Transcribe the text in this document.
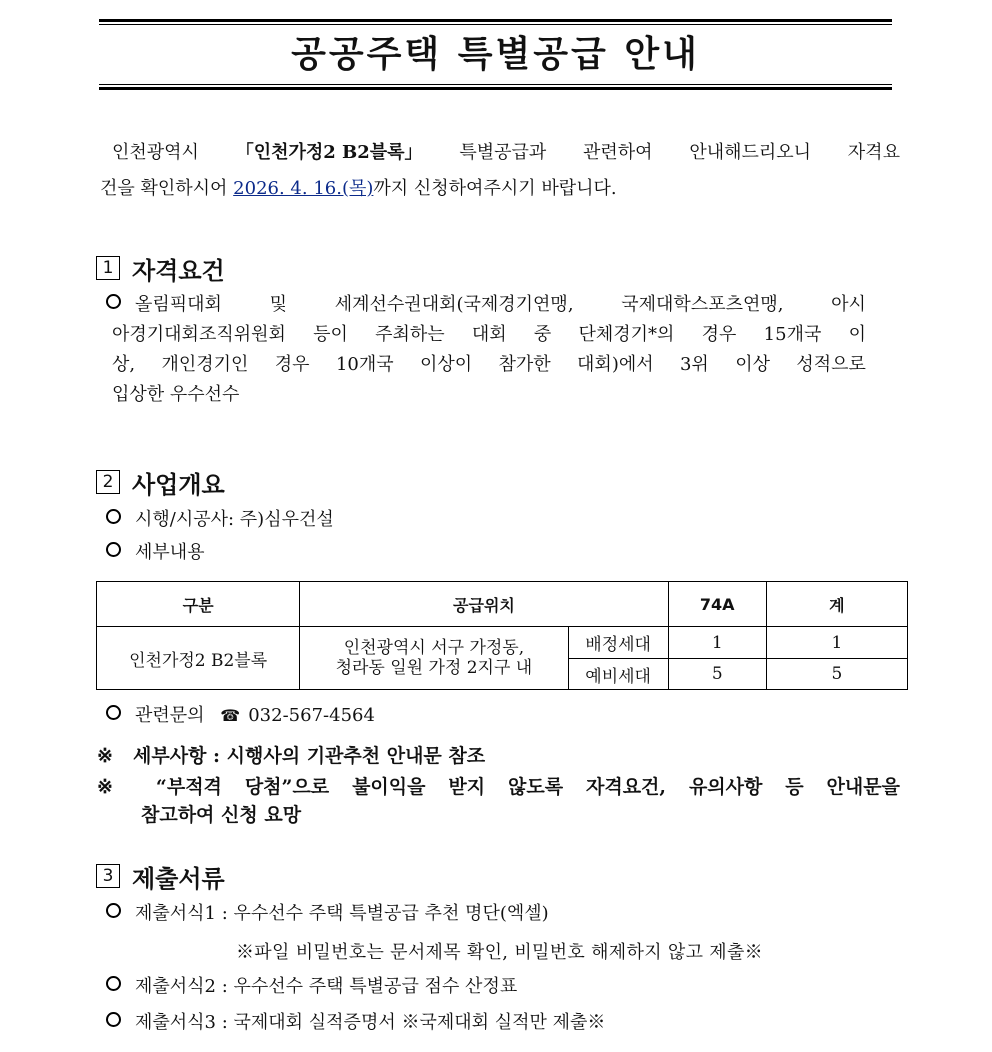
공공주택 특별공급 안내
인천광역시 「인천가정2 B2블록」 특별공급과 관련하여 안내해드리오니 자격요
건을 확인하시어 2026. 4. 16.(목) 까지 신청하여주시기 바랍니다.
1 자격요건
올림픽대회	및	세계선수권대회(국제경기연맹,	국제대학스포츠연맹,	아시
아경기대회조직위원회 등이 주최하는 대회 중 단체경기*의 경우 15개국 이
상, 개인경기인 경우 10개국 이상이 참가한 대회)에서 3위 이상 성적으로
입상한 우수선수
2 사업개요
시행/시공사: 주)심우건설
세부내용
구분	공급위치		74A	계
인천가정2 B2블록	인천광역시 서구 가정동,
청라동 일원 가정 2지구 내	배정세대	1	1
		예비세대	5	5
관련문의 ☎ 032-567-4564
※ 세부사항 : 시행사의 기관추천 안내문 참조
※	“부적격 당첨”으로 불이익을 받지 않도록 자격요건, 유의사항 등 안내문을
참고하여 신청 요망
3 제출서류
제출서식1 : 우수선수 주택 특별공급 추천 명단(엑셀)
※파일 비밀번호는 문서제목 확인, 비밀번호 해제하지 않고 제출※
제출서식2 : 우수선수 주택 특별공급 점수 산정표
제출서식3 : 국제대회 실적증명서 ※국제대회 실적만 제출※
